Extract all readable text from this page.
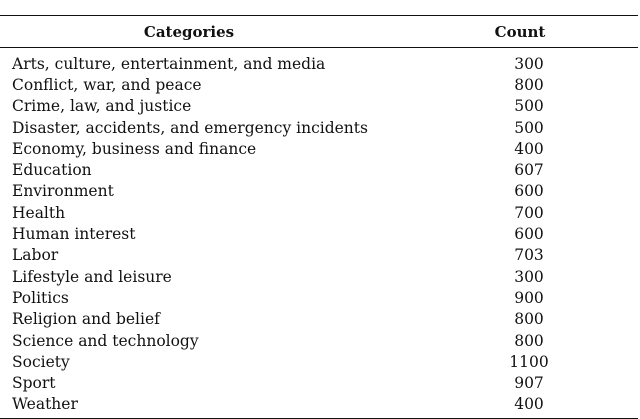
Categories	Count
Arts, culture, entertainment, and media	300
Conflict, war, and peace	800
Crime, law, and justice	500
Disaster, accidents, and emergency incidents	500
Economy, business and finance	400
Education	607
Environment	600
Health	700
Human interest	600
Labor	703
Lifestyle and leisure	300
Politics	900
Religion and belief	800
Science and technology	800
Society	1100
Sport	907
Weather	400
